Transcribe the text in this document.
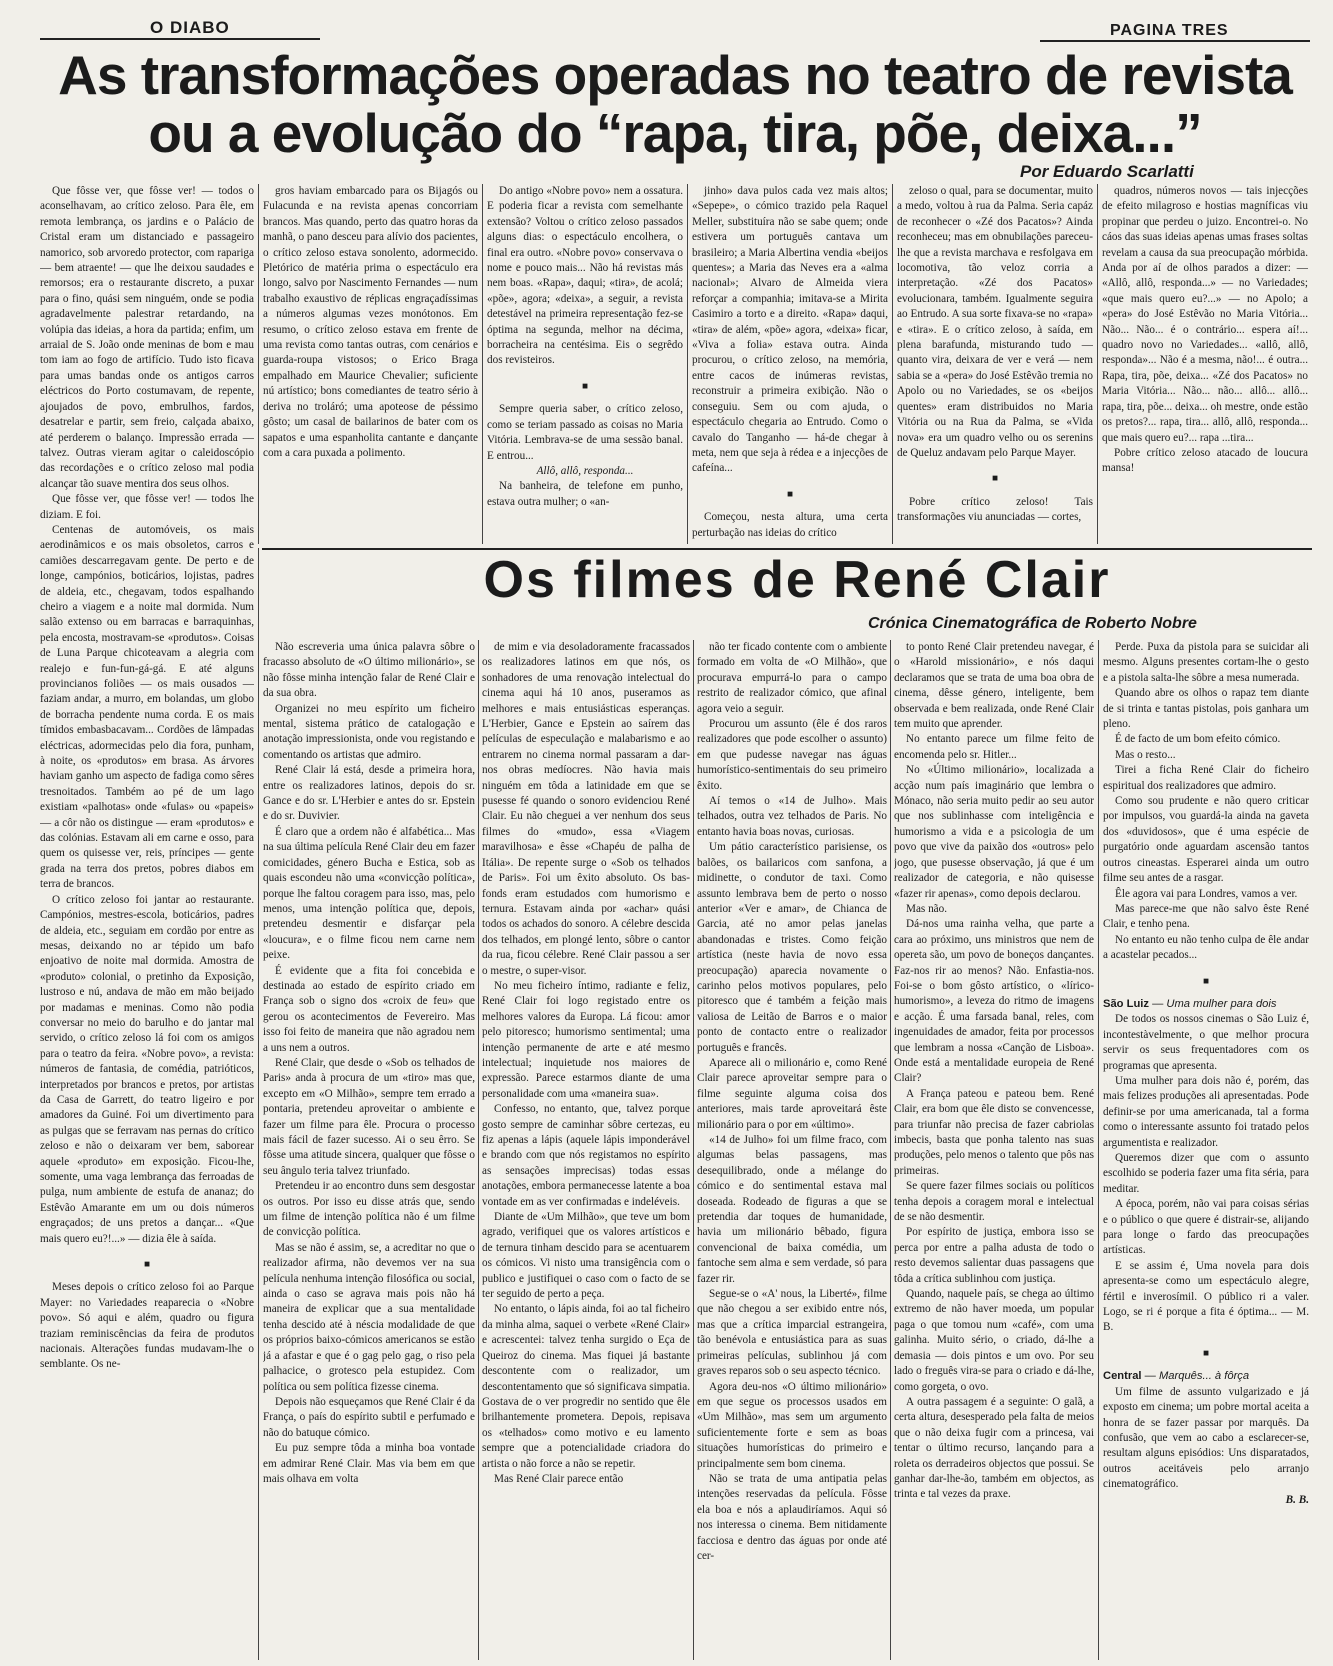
O DIABO	PAGINA TRES
As transformações operadas no teatro de revista
ou a evolução do “rapa, tira, põe, deixa...”
Por Eduardo Scarlatti

Que fôsse ver, que fôsse ver! — todos o aconselhavam, ao crítico zeloso. Para êle, em remota lembrança, os jardins e o Palácio de Cristal eram um distanciado e passageiro namorico, sob arvoredo protector, com rapariga — bem atraente! — que lhe deixou saudades e remorsos; era o restaurante discreto, a puxar para o fino, quási sem ninguém, onde se podia agradavelmente palestrar retardando, na volúpia das ideias, a hora da partida; enfim, um arraial de S. João onde meninas de bom e mau tom iam ao fogo de artifício. Tudo isto ficava para umas bandas onde os antigos carros eléctricos do Porto costumavam, de repente, ajoujados de povo, embrulhos, fardos, desatrelar e partir, sem freio, calçada abaixo, até perderem o balanço. Impressão errada — talvez. Outras vieram agitar o caleidoscópio das recordações e o crítico zeloso mal podia alcançar tão suave mentira dos seus olhos.

Que fôsse ver, que fôsse ver! — todos lhe diziam. E foi.

Centenas de automóveis, os mais aerodinâmicos e os mais obsoletos, carros e camiões descarregavam gente. De perto e de longe, campónios, boticários, lojistas, padres de aldeia, etc., chegavam, todos espalhando cheiro a viagem e a noite mal dormida. Num salão extenso ou em barracas e barraquinhas, pela encosta, mostravam-se «produtos». Coisas de Luna Parque chicoteavam a alegria com realejo e fun-fun-gá-gá. E até alguns provincianos foliões — os mais ousados — faziam andar, a murro, em bolandas, um globo de borracha pendente numa corda. E os mais tímidos embasbacavam... Cordões de lâmpadas eléctricas, adormecidas pelo dia fora, punham, à noite, os «produtos» em brasa. As árvores haviam ganho um aspecto de fadiga como sêres tresnoitados. Também ao pé de um lago existiam «palhotas» onde «fulas» ou «papeis» — a côr não os distingue — eram «produtos» e das colónias. Estavam ali em carne e osso, para quem os quisesse ver, reis, príncipes — gente grada na terra dos pretos, pobres diabos em terra de brancos.

O crítico zeloso foi jantar ao restaurante. Campónios, mestres-escola, boticários, padres de aldeia, etc., seguiam em cordão por entre as mesas, deixando no ar tépido um bafo enjoativo de noite mal dormida. Amostra de «produto» colonial, o pretinho da Exposição, lustroso e nú, andava de mão em mão beijado por madamas e meninas. Como não podia conversar no meio do barulho e do jantar mal servido, o crítico zeloso lá foi com os amigos para o teatro da feira. «Nobre povo», a revista: números de fantasia, de comédia, patrióticos, interpretados por brancos e pretos, por artistas da Casa de Garrett, do teatro ligeiro e por amadores da Guiné. Foi um divertimento para as pulgas que se ferravam nas pernas do crítico zeloso e não o deixaram ver bem, saborear aquele «produto» em exposição. Ficou-lhe, somente, uma vaga lembrança das ferroadas de pulga, num ambiente de estufa de ananaz; do Estêvão Amarante em um ou dois números engraçados; de uns pretos a dançar... «Que mais quero eu?!...» — dizia êle à saída.

■

Meses depois o crítico zeloso foi ao Parque Mayer: no Variedades reaparecia o «Nobre povo». Só aqui e além, quadro ou figura traziam reminiscências da feira de produtos nacionais. Alterações fundas mudavam-lhe o semblante. Os ne-

gros haviam embarcado para os Bijagós ou Fulacunda e na revista apenas concorriam brancos. Mas quando, perto das quatro horas da manhã, o pano desceu para alívio dos pacientes, o crítico zeloso estava sonolento, adormecido. Pletórico de matéria prima o espectáculo era longo, salvo por Nascimento Fernandes — num trabalho exaustivo de réplicas engraçadíssimas a números algumas vezes monótonos. Em resumo, o crítico zeloso estava em frente de uma revista como tantas outras, com cenários e guarda-roupa vistosos; o Erico Braga empalhado em Maurice Chevalier; suficiente nú artístico; bons comediantes de teatro sério à deriva no troláró; uma apoteose de péssimo gôsto; um casal de bailarinos de bater com os sapatos e uma espanholita cantante e dançante com a cara puxada a polimento.

Do antigo «Nobre povo» nem a ossatura. E poderia ficar a revista com semelhante extensão? Voltou o crítico zeloso passados alguns dias: o espectáculo encolhera, o final era outro. «Nobre povo» conservava o nome e pouco mais... Não há revistas más nem boas. «Rapa», daqui; «tira», de acolá; «põe», agora; «deixa», a seguir, a revista detestável na primeira representação fez-se óptima na segunda, melhor na décima, borracheira na centésima. Eis o segrêdo dos revisteiros.

■

Sempre queria saber, o crítico zeloso, como se teriam passado as coisas no Maria Vitória. Lembrava-se de uma sessão banal. E entrou...

Allô, allô, responda...

Na banheira, de telefone em punho, estava outra mulher; o «an-

jinho» dava pulos cada vez mais altos; «Sepepe», o cómico trazido pela Raquel Meller, substituíra não se sabe quem; onde estivera um português cantava um brasileiro; a Maria Albertina vendia «beijos quentes»; a Maria das Neves era a «alma nacional»; Alvaro de Almeida viera reforçar a companhia; imitava-se a Mirita Casimiro a torto e a direito. «Rapa» daqui, «tira» de além, «põe» agora, «deixa» ficar, «Viva a folia» estava outra. Ainda procurou, o crítico zeloso, na memória, entre cacos de inúmeras revistas, reconstruir a primeira exibição. Não o conseguiu. Sem ou com ajuda, o espectáculo chegaria ao Entrudo. Como o cavalo do Tanganho — há-de chegar à meta, nem que seja à rédea e a injecções de cafeína...

■

Começou, nesta altura, uma certa perturbação nas ideias do crítico

zeloso o qual, para se documentar, muito a medo, voltou à rua da Palma. Seria capáz de reconhecer o «Zé dos Pacatos»? Ainda reconheceu; mas em obnubilações pareceu-lhe que a revista marchava e resfolgava em locomotiva, tão veloz corria a interpretação. «Zé dos Pacatos» evolucionara, também. Igualmente seguira ao Entrudo. A sua sorte fixava-se no «rapa» e «tira». E o crítico zeloso, à saída, em plena barafunda, misturando tudo — quanto vira, deixara de ver e verá — nem sabia se a «pera» do José Estêvão tremia no Apolo ou no Variedades, se os «beijos quentes» eram distribuidos no Maria Vitória ou na Rua da Palma, se «Vida nova» era um quadro velho ou os serenins de Queluz andavam pelo Parque Mayer.

■

Pobre crítico zeloso! Tais transformações viu anunciadas — cortes,

quadros, números novos — tais injecções de efeito milagroso e hostias magníficas viu propinar que perdeu o juizo. Encontrei-o. No cáos das suas ideias apenas umas frases soltas revelam a causa da sua preocupação mórbida. Anda por aí de olhos parados a dizer: — «Allô, allô, responda...» — no Variedades; «que mais quero eu?...» — no Apolo; a «pera» do José Estêvão no Maria Vitória... Não... Não... é o contrário... espera aí!... quadro novo no Variedades... «allô, allô, responda»... Não é a mesma, não!... é outra... Rapa, tira, põe, deixa... «Zé dos Pacatos» no Maria Vitória... Não... não... allô... allô... rapa, tira, põe... deixa... oh mestre, onde estão os pretos?... rapa, tira... allô, allô, responda... que mais quero eu?... rapa ...tira...

Pobre crítico zeloso atacado de loucura mansa!

Os filmes de René Clair
Crónica Cinematográfica de Roberto Nobre

Não escreveria uma única palavra sôbre o fracasso absoluto de «O último milionário», se não fôsse minha intenção falar de René Clair e da sua obra.

Organizei no meu espírito um ficheiro mental, sistema prático de catalogação e anotação impressionista, onde vou registando e comentando os artistas que admiro.

René Clair lá está, desde a primeira hora, entre os realizadores latinos, depois do sr. Gance e do sr. L'Herbier e antes do sr. Epstein e do sr. Duvivier.

É claro que a ordem não é alfabética... Mas na sua última película René Clair deu em fazer comicidades, género Bucha e Estica, sob as quais escondeu não uma «convicção política», porque lhe faltou coragem para isso, mas, pelo menos, uma intenção política que, depois, pretendeu desmentir e disfarçar pela «loucura», e o filme ficou nem carne nem peixe.

É evidente que a fita foi concebida e destinada ao estado de espírito criado em França sob o signo dos «croix de feu» que gerou os acontecimentos de Fevereiro. Mas isso foi feito de maneira que não agradou nem a uns nem a outros.

René Clair, que desde o «Sob os telhados de Paris» anda à procura de um «tiro» mas que, excepto em «O Milhão», sempre tem errado a pontaria, pretendeu aproveitar o ambiente e fazer um filme para êle. Procura o processo mais fácil de fazer sucesso. Ai o seu êrro. Se fôsse uma atitude sincera, qualquer que fôsse o seu ângulo teria talvez triunfado.

Pretendeu ir ao encontro duns sem desgostar os outros. Por isso eu disse atrás que, sendo um filme de intenção política não é um filme de convicção política.

Mas se não é assim, se, a acreditar no que o realizador afirma, não devemos ver na sua película nenhuma intenção filosófica ou social, ainda o caso se agrava mais pois não há maneira de explicar que a sua mentalidade tenha descido até à néscia modalidade de que os próprios baixo-cómicos americanos se estão já a afastar e que é o gag pelo gag, o riso pela palhacice, o grotesco pela estupidez. Com política ou sem política fizesse cinema.

Depois não esqueçamos que René Clair é da França, o país do espírito subtil e perfumado e não do batuque cómico.

Eu puz sempre tôda a minha boa vontade em admirar René Clair. Mas via bem em que mais olhava em volta

de mim e via desoladoramente fracassados os realizadores latinos em que nós, os sonhadores de uma renovação intelectual do cinema aqui há 10 anos, puseramos as melhores e mais entusiásticas esperanças. L'Herbier, Gance e Epstein ao saírem das películas de especulação e malabarismo e ao entrarem no cinema normal passaram a dar-nos obras medíocres. Não havia mais ninguém em tôda a latinidade em que se pusesse fé quando o sonoro evidenciou René Clair. Eu não cheguei a ver nenhum dos seus filmes do «mudo», essa «Viagem maravilhosa» e êsse «Chapéu de palha de Itália». De repente surge o «Sob os telhados de Paris». Foi um êxito absoluto. Os bas-fonds eram estudados com humorismo e ternura. Estavam ainda por «achar» quási todos os achados do sonoro. A célebre descida dos telhados, em plongé lento, sôbre o cantor da rua, ficou célebre. René Clair passou a ser o mestre, o super-visor.

No meu ficheiro íntimo, radiante e feliz, René Clair foi logo registado entre os melhores valores da Europa. Lá ficou: amor pelo pitoresco; humorismo sentimental; uma intenção permanente de arte e até mesmo intelectual; inquietude nos maiores de expressão. Parece estarmos diante de uma personalidade com uma «maneira sua».

Confesso, no entanto, que, talvez porque gosto sempre de caminhar sôbre certezas, eu fiz apenas a lápis (aquele lápis imponderável e brando com que nós registamos no espírito as sensações imprecisas) todas essas anotações, embora permanecesse latente a boa vontade em as ver confirmadas e indeléveis.

Diante de «Um Milhão», que teve um bom agrado, verifiquei que os valores artísticos e de ternura tinham descido para se acentuarem os cómicos. Vi nisto uma transigência com o publico e justifiquei o caso com o facto de se ter seguido de perto a peça.

No entanto, o lápis ainda, foi ao tal ficheiro da minha alma, saquei o verbete «René Clair» e acrescentei: talvez tenha surgido o Eça de Queiroz do cinema. Mas fiquei já bastante descontente com o realizador, um descontentamento que só significava simpatia. Gostava de o ver progredir no sentido que êle brilhantemente prometera. Depois, repisava os «telhados» como motivo e eu lamento sempre que a potencialidade criadora do artista o não force a não se repetir.

Mas René Clair parece então

não ter ficado contente com o ambiente formado em volta de «O Milhão», que procurava empurrá-lo para o campo restrito de realizador cómico, que afinal agora veio a seguir.

Procurou um assunto (êle é dos raros realizadores que pode escolher o assunto) em que pudesse navegar nas águas humorístico-sentimentais do seu primeiro êxito.

Aí temos o «14 de Julho». Mais telhados, outra vez telhados de Paris. No entanto havia boas novas, curiosas.

Um pátio característico parisiense, os balões, os bailaricos com sanfona, a midinette, o condutor de taxi. Como assunto lembrava bem de perto o nosso anterior «Ver e amar», de Chianca de Garcia, até no amor pelas janelas abandonadas e tristes. Como feição artística (neste havia de novo essa preocupação) aparecia novamente o carinho pelos motivos populares, pelo pitoresco que é também a feição mais valiosa de Leitão de Barros e o maior ponto de contacto entre o realizador português e francês.

Aparece ali o milionário e, como René Clair parece aproveitar sempre para o filme seguinte alguma coisa dos anteriores, mais tarde aproveitará êste milionário para o por em «último».

«14 de Julho» foi um filme fraco, com algumas belas passagens, mas desequilibrado, onde a mélange do cómico e do sentimental estava mal doseada. Rodeado de figuras a que se pretendia dar toques de humanidade, havia um milionário bêbado, figura convencional de baixa comédia, um fantoche sem alma e sem verdade, só para fazer rir.

Segue-se o «A' nous, la Liberté», filme que não chegou a ser exibido entre nós, mas que a crítica imparcial estrangeira, tão benévola e entusiástica para as suas primeiras películas, sublinhou já com graves reparos sob o seu aspecto técnico.

Agora deu-nos «O último milionário» em que segue os processos usados em «Um Milhão», mas sem um argumento suficientemente forte e sem as boas situações humorísticas do primeiro e principalmente sem bom cinema.

Não se trata de uma antipatia pelas intenções reservadas da película. Fôsse ela boa e nós a aplaudiríamos. Aqui só nos interessa o cinema. Bem nitidamente facciosa e dentro das águas por onde até cer-

to ponto René Clair pretendeu navegar, é o «Harold missionário», e nós daqui declaramos que se trata de uma boa obra de cinema, dêsse género, inteligente, bem observada e bem realizada, onde René Clair tem muito que aprender.

No entanto parece um filme feito de encomenda pelo sr. Hitler...

No «Último milionário», localizada a acção num país imaginário que lembra o Mónaco, não seria muito pedir ao seu autor que nos sublinhasse com inteligência e humorismo a vida e a psicologia de um povo que vive da paixão dos «outros» pelo jogo, que pusesse observação, já que é um realizador de categoria, e não quisesse «fazer rir apenas», como depois declarou.

Mas não.

Dá-nos uma rainha velha, que parte a cara ao próximo, uns ministros que nem de opereta são, um povo de boneços dançantes. Faz-nos rir ao menos? Não. Enfastia-nos. Foi-se o bom gôsto artístico, o «lírico-humorismo», a leveza do ritmo de imagens e acção. É uma farsada banal, reles, com ingenuidades de amador, feita por processos que lembram a nossa «Canção de Lisboa». Onde está a mentalidade europeia de René Clair?

A França pateou e pateou bem. René Clair, era bom que êle disto se convencesse, para triunfar não precisa de fazer cabriolas imbecis, basta que ponha talento nas suas produções, pelo menos o talento que pôs nas primeiras.

Se quere fazer filmes sociais ou políticos tenha depois a coragem moral e intelectual de se não desmentir.

Por espírito de justiça, embora isso se perca por entre a palha adusta de todo o resto devemos salientar duas passagens que tôda a crítica sublinhou com justiça.

Quando, naquele país, se chega ao último extremo de não haver moeda, um popular paga o que tomou num «café», com uma galinha. Muito sério, o criado, dá-lhe a demasia — dois pintos e um ovo. Por seu lado o freguês vira-se para o criado e dá-lhe, como gorgeta, o ovo.

A outra passagem é a seguinte: O galã, a certa altura, desesperado pela falta de meios que o não deixa fugir com a princesa, vai tentar o último recurso, lançando para a roleta os derradeiros objectos que possui. Se ganhar dar-lhe-ão, também em objectos, as trinta e tal vezes da praxe.

Perde. Puxa da pistola para se suicidar ali mesmo. Alguns presentes cortam-lhe o gesto e a pistola salta-lhe sôbre a mesa numerada.

Quando abre os olhos o rapaz tem diante de si trinta e tantas pistolas, pois ganhara um pleno.

É de facto de um bom efeito cómico.

Mas o resto...

Tirei a ficha René Clair do ficheiro espiritual dos realizadores que admiro.

Como sou prudente e não quero criticar por impulsos, vou guardá-la ainda na gaveta dos «duvidosos», que é uma espécie de purgatório onde aguardam ascensão tantos outros cineastas. Esperarei ainda um outro filme seu antes de a rasgar.

Êle agora vai para Londres, vamos a ver.

Mas parece-me que não salvo êste René Clair, e tenho pena.

No entanto eu não tenho culpa de êle andar a acastelar pecados...

■

São Luiz — Uma mulher para dois

De todos os nossos cinemas o São Luiz é, incontestàvelmente, o que melhor procura servir os seus frequentadores com os programas que apresenta.

Uma mulher para dois não é, porém, das mais felizes produções ali apresentadas. Pode definir-se por uma americanada, tal a forma como o interessante assunto foi tratado pelos argumentista e realizador.

Queremos dizer que com o assunto escolhido se poderia fazer uma fita séria, para meditar.

A época, porém, não vai para coisas sérias e o público o que quere é distrair-se, alijando para longe o fardo das preocupações artísticas.

E se assim é, Uma novela para dois apresenta-se como um espectáculo alegre, fértil e inverosímil. O público ri a valer. Logo, se ri é porque a fita é óptima... — M. B.

■

Central — Marquês... à fôrça

Um filme de assunto vulgarizado e já exposto em cinema; um pobre mortal aceita a honra de se fazer passar por marquês. Da confusão, que vem ao cabo a esclarecer-se, resultam alguns episódios: Uns disparatados, outros aceitáveis pelo arranjo cinematográfico.

B. B.
